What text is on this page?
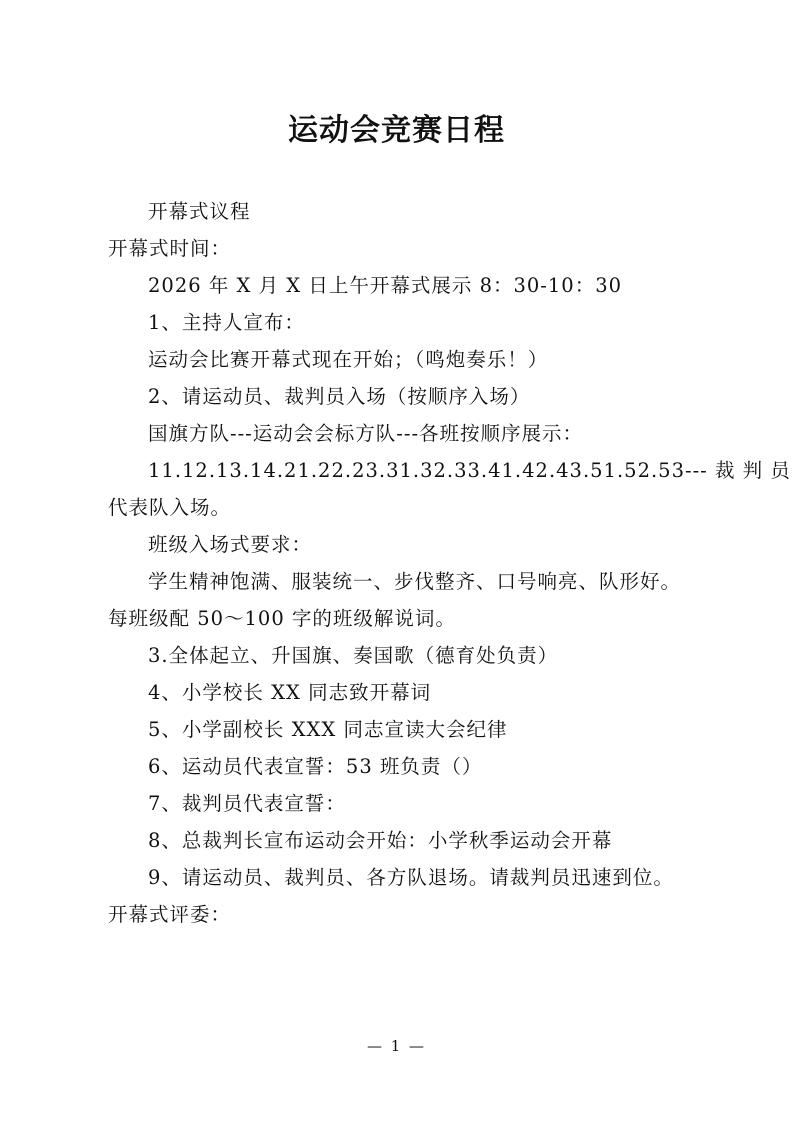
运动会竞赛日程
开幕式议程
开幕式时间：
2026 年 X 月 X 日上午开幕式展示 8：30-10：30
1、主持人宣布：
运动会比赛开幕式现在开始；（鸣炮奏乐！）
2、请运动员、裁判员入场（按顺序入场）
国旗方队---运动会会标方队---各班按顺序展示：
11.12.13.14.21.22.23.31.32.33.41.42.43.51.52.53--- 裁 判 员
代表队入场。
班级入场式要求：
学生精神饱满、服装统一、步伐整齐、口号响亮、队形好。
每班级配 50～100 字的班级解说词。
3.全体起立、升国旗、奏国歌（德育处负责）
4、小学校长 XX 同志致开幕词
5、小学副校长 XXX 同志宣读大会纪律
6、运动员代表宣誓：53 班负责（）
7、裁判员代表宣誓：
8、总裁判长宣布运动会开始：小学秋季运动会开幕
9、请运动员、裁判员、各方队退场。请裁判员迅速到位。
开幕式评委：
— 1 —
